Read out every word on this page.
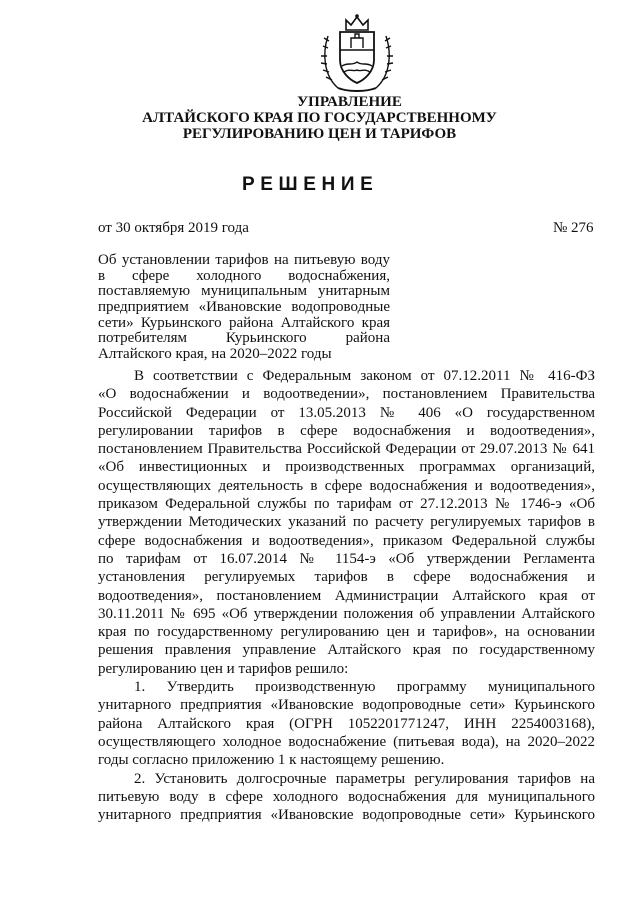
УПРАВЛЕНИЕ
АЛТАЙСКОГО КРАЯ ПО ГОСУДАРСТВЕННОМУ
РЕГУЛИРОВАНИЮ ЦЕН И ТАРИФОВ
РЕШЕНИЕ
от 30 октября 2019 года	№ 276
Об установлении тарифов на питьевую воду
в сфере холодного водоснабжения,
поставляемую муниципальным унитарным
предприятием «Ивановские водопроводные
сети» Курьинского района Алтайского края
потребителям Курьинского района
Алтайского края, на 2020–2022 годы
В соответствии с Федеральным законом от 07.12.2011 № 416-ФЗ
«О водоснабжении и водоотведении», постановлением Правительства
Российской Федерации от 13.05.2013 № 406 «О государственном
регулировании тарифов в сфере водоснабжения и водоотведения»,
постановлением Правительства Российской Федерации от 29.07.2013 № 641
«Об инвестиционных и производственных программах организаций,
осуществляющих деятельность в сфере водоснабжения и водоотведения»,
приказом Федеральной службы по тарифам от 27.12.2013 № 1746-э «Об
утверждении Методических указаний по расчету регулируемых тарифов в
сфере водоснабжения и водоотведения», приказом Федеральной службы
по тарифам от 16.07.2014 № 1154-э «Об утверждении Регламента
установления регулируемых тарифов в сфере водоснабжения и
водоотведения», постановлением Администрации Алтайского края от
30.11.2011 № 695 «Об утверждении положения об управлении Алтайского
края по государственному регулированию цен и тарифов», на основании
решения правления управление Алтайского края по государственному
регулированию цен и тарифов решило:
1. Утвердить производственную программу муниципального
унитарного предприятия «Ивановские водопроводные сети» Курьинского
района Алтайского края (ОГРН 1052201771247, ИНН 2254003168),
осуществляющего холодное водоснабжение (питьевая вода), на 2020–2022
годы согласно приложению 1 к настоящему решению.
2. Установить долгосрочные параметры регулирования тарифов на
питьевую воду в сфере холодного водоснабжения для муниципального
унитарного предприятия «Ивановские водопроводные сети» Курьинского
